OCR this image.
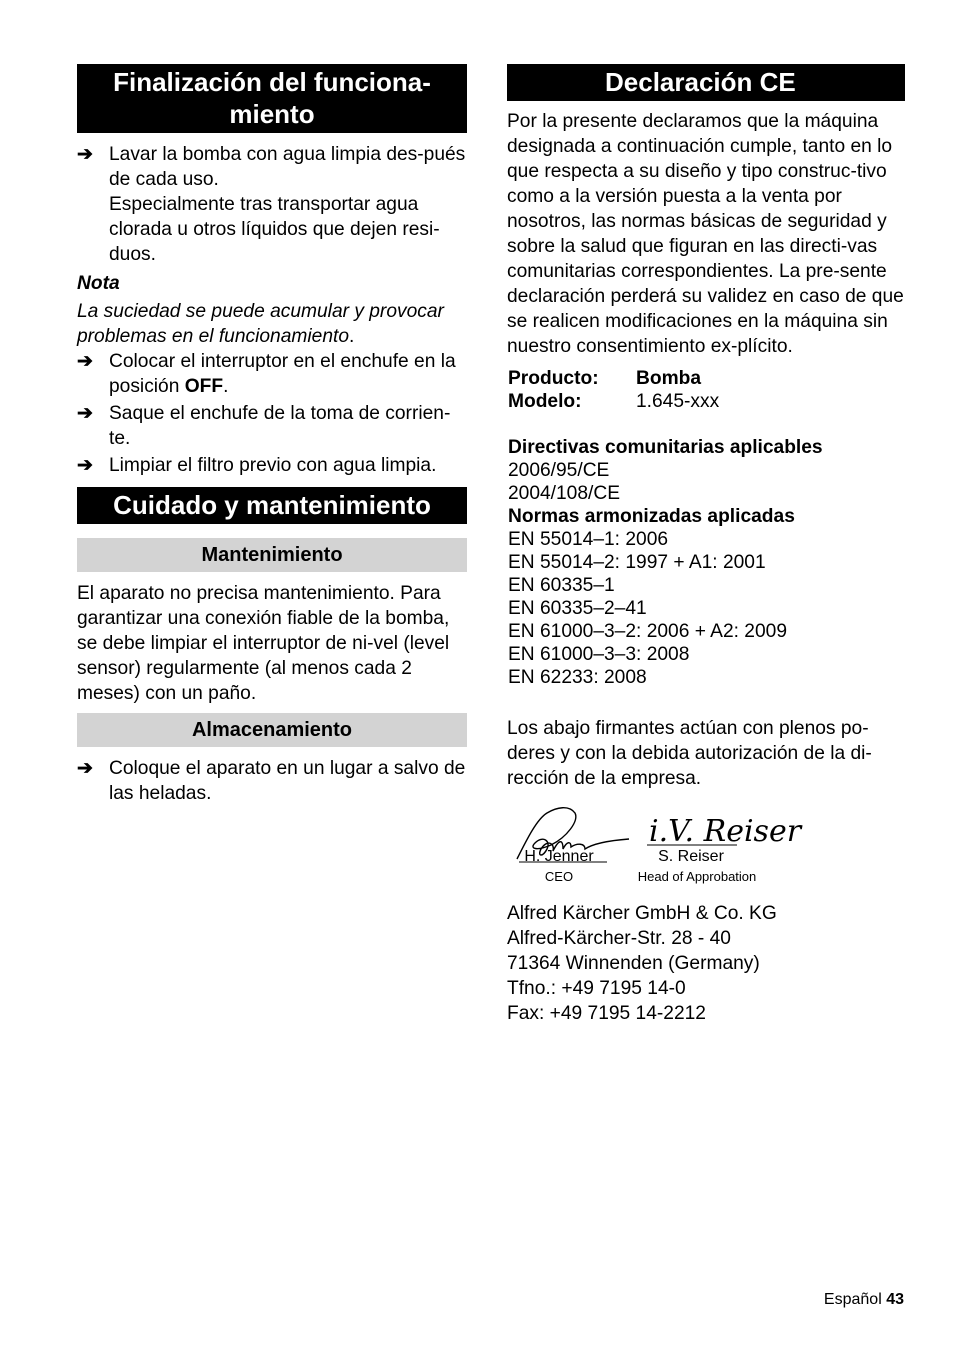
Finalización del funciona-
miento
➔ Lavar la bomba con agua limpia des-pués de cada uso.

Especialmente tras transportar agua clorada u otros líquidos que dejen resi-duos.

Nota

La suciedad se puede acumular y provocar problemas en el funcionamiento.

➔ Colocar el interruptor en el enchufe en la posición OFF.

➔ Saque el enchufe de la toma de corrien-te.

➔ Limpiar el filtro previo con agua limpia.

Cuidado y mantenimiento
Mantenimiento

El aparato no precisa mantenimiento. Para garantizar una conexión fiable de la bomba, se debe limpiar el interruptor de ni-vel (level sensor) regularmente (al menos cada 2 meses) con un paño.

Almacenamiento
➔ Coloque el aparato en un lugar a salvo de las heladas.

Declaración CE

Por la presente declaramos que la máquina designada a continuación cumple, tanto en lo que respecta a su diseño y tipo construc-tivo como a la versión puesta a la venta por nosotros, las normas básicas de seguridad y sobre la salud que figuran en las directi-vas comunitarias correspondientes. La pre-sente declaración perderá su validez en caso de que se realicen modificaciones en la máquina sin nuestro consentimiento ex-plícito.

Producto:	Bomba
Modelo:	1.645-xxx
Directivas comunitarias aplicables
2006/95/CE
2004/108/CE
Normas armonizadas aplicadas
EN 55014–1: 2006
EN 55014–2: 1997 + A1: 2001
EN 60335–1
EN 60335–2–41
EN 61000–3–2: 2006 + A2: 2009
EN 61000–3–3: 2008
EN 62233: 2008

Los abajo firmantes actúan con plenos po-deres y con la debida autorización de la di-rección de la empresa.

i.V. Reiser
H. Jenner
CEO
S. Reiser
Head of Approbation
Alfred Kärcher GmbH & Co. KG
Alfred-Kärcher-Str. 28 - 40
71364 Winnenden (Germany)
Tfno.: +49 7195 14-0
Fax: +49 7195 14-2212
Español 43
